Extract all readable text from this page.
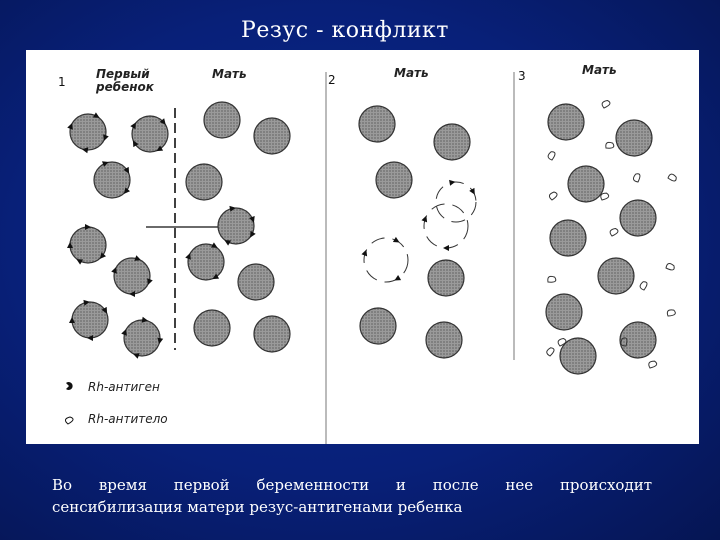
Резус - конфликт
1
Первый
ребенок
Мать	2	Мать	3	Мать
Rh-антиген
Rh-антитело
Во время первой беременности и после нее происходит
сенсибилизация матери резус-антигенами ребенка
